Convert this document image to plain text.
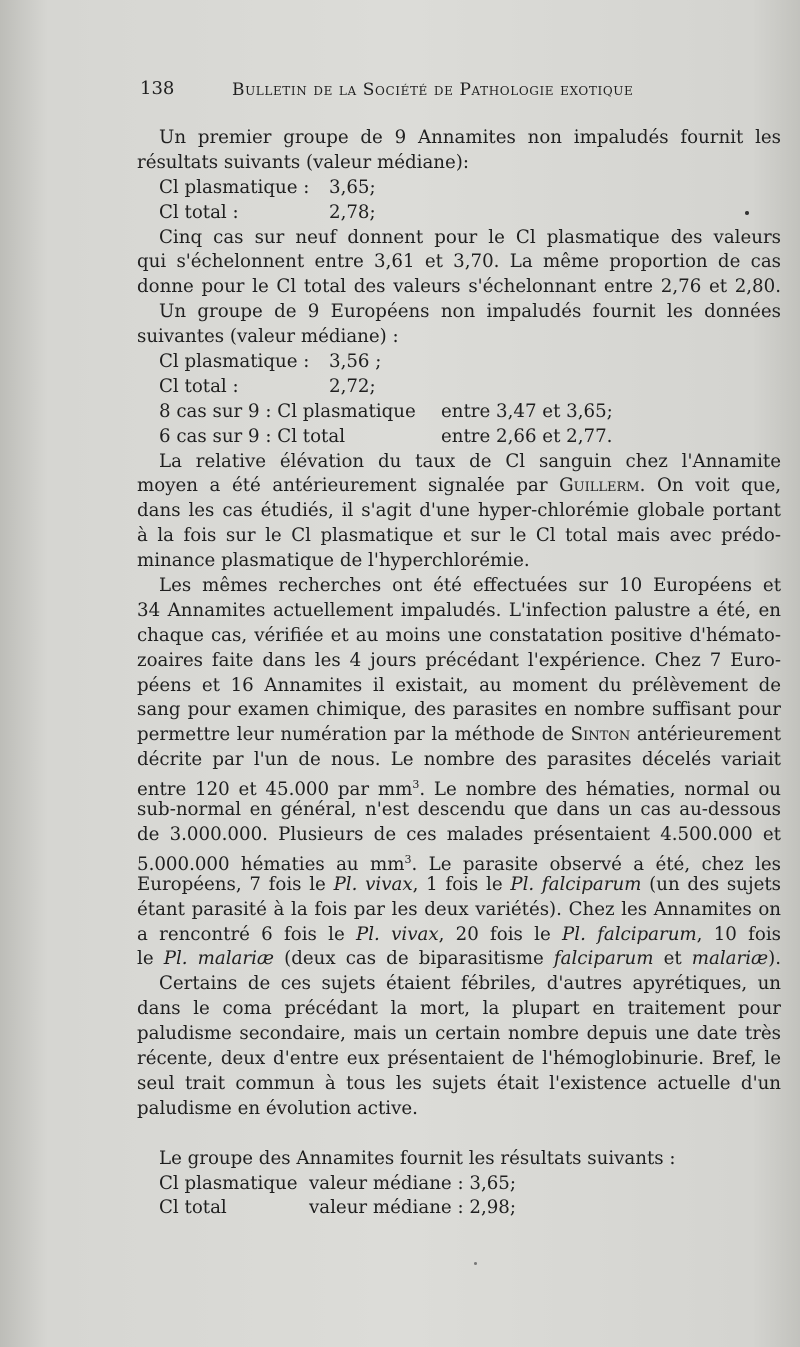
138	Bulletin de la Société de Pathologie exotique
Un premier groupe de 9 Annamites non impaludés fournit les
résultats suivants (valeur médiane):
Cl plasmatique : 3,65;
Cl total :	2,78;
Cinq cas sur neuf donnent pour le Cl plasmatique des valeurs
qui s'échelonnent entre 3,61 et 3,70. La même proportion de cas
donne pour le Cl total des valeurs s'échelonnant entre 2,76 et 2,80.
Un groupe de 9 Européens non impaludés fournit les données
suivantes (valeur médiane) :
Cl plasmatique : 3,56 ;
Cl total :	2,72;
8 cas sur 9 : Cl plasmatique entre 3,47 et 3,65;
6 cas sur 9 : Cl total	entre 2,66 et 2,77.
La relative élévation du taux de Cl sanguin chez l'Annamite
moyen a été antérieurement signalée par Guillerm. On voit que,
dans les cas étudiés, il s'agit d'une hyper-chlorémie globale portant
à la fois sur le Cl plasmatique et sur le Cl total mais avec prédo-
minance plasmatique de l'hyperchlorémie.
Les mêmes recherches ont été effectuées sur 10 Européens et
34 Annamites actuellement impaludés. L'infection palustre a été, en
chaque cas, vérifiée et au moins une constatation positive d'hémato-
zoaires faite dans les 4 jours précédant l'expérience. Chez 7 Euro-
péens et 16 Annamites il existait, au moment du prélèvement de
sang pour examen chimique, des parasites en nombre suffisant pour
permettre leur numération par la méthode de Sinton antérieurement
décrite par l'un de nous. Le nombre des parasites décelés variait
entre 120 et 45.000 par $mm^3$. Le nombre des hématies, normal ou
sub-normal en général, n'est descendu que dans un cas au-dessous
de 3.000.000. Plusieurs de ces malades présentaient 4.500.000 et
5.000.000 hématies au $mm^3$. Le parasite observé a été, chez les
Européens, 7 fois le Pl. vivax, 1 fois le Pl. falciparum (un des sujets
étant parasité à la fois par les deux variétés). Chez les Annamites on
a rencontré 6 fois le Pl. vivax, 20 fois le Pl. falciparum, 10 fois
le Pl. malariæ (deux cas de biparasitisme falciparum et malariæ).
Certains de ces sujets étaient fébriles, d'autres apyrétiques, un
dans le coma précédant la mort, la plupart en traitement pour
paludisme secondaire, mais un certain nombre depuis une date très
récente, deux d'entre eux présentaient de l'hémoglobinurie. Bref, le
seul trait commun à tous les sujets était l'existence actuelle d'un
paludisme en évolution active.
Le groupe des Annamites fournit les résultats suivants :
Cl plasmatique valeur médiane : 3,65;
Cl total	valeur médiane : 2,98;
